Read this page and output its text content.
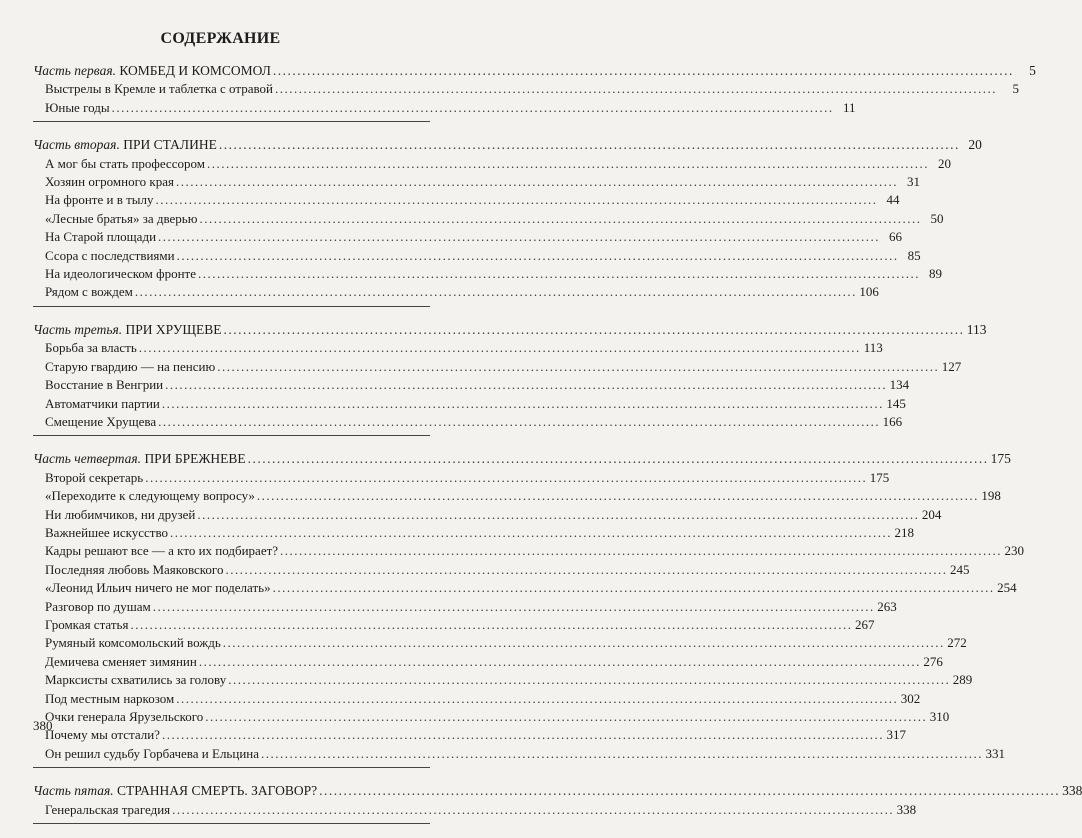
СОДЕРЖАНИЕ
Часть первая. КОМБЕД И КОМСОМОЛ .....	5
Выстрелы в Кремле и таблетка с отравой .....	5
Юные годы .....	11
Часть вторая. ПРИ СТАЛИНЕ .....	20
А мог бы стать профессором .....	20
Хозяин огромного края .....	31
На фронте и в тылу .....	44
«Лесные братья» за дверью .....	50
На Старой площади .....	66
Ссора с последствиями .....	85
На идеологическом фронте .....	89
Рядом с вождем .....	106
Часть третья. ПРИ ХРУЩЕВЕ .....	113
Борьба за власть .....	113
Старую гвардию — на пенсию .....	127
Восстание в Венгрии .....	134
Автоматчики партии .....	145
Смещение Хрущева .....	166
Часть четвертая. ПРИ БРЕЖНЕВЕ .....	175
Второй секретарь .....	175
«Переходите к следующему вопросу» .....	198
Ни любимчиков, ни друзей .....	204
Важнейшее искусство .....	218
Кадры решают все — а кто их подбирает? .....	230
Последняя любовь Маяковского .....	245
«Леонид Ильич ничего не мог поделать» .....	254
Разговор по душам .....	263
Громкая статья .....	267
Румяный комсомольский вождь .....	272
Демичева сменяет зимянин .....	276
Марксисты схватились за голову .....	289
Под местным наркозом .....	302
Очки генерала Ярузельского .....	310
Почему мы отстали? .....	317
Он решил судьбу Горбачева и Ельцина .....	331
Часть пятая. СТРАННАЯ СМЕРТЬ. ЗАГОВОР? .....	338
Генеральская трагедия .....	338
380
